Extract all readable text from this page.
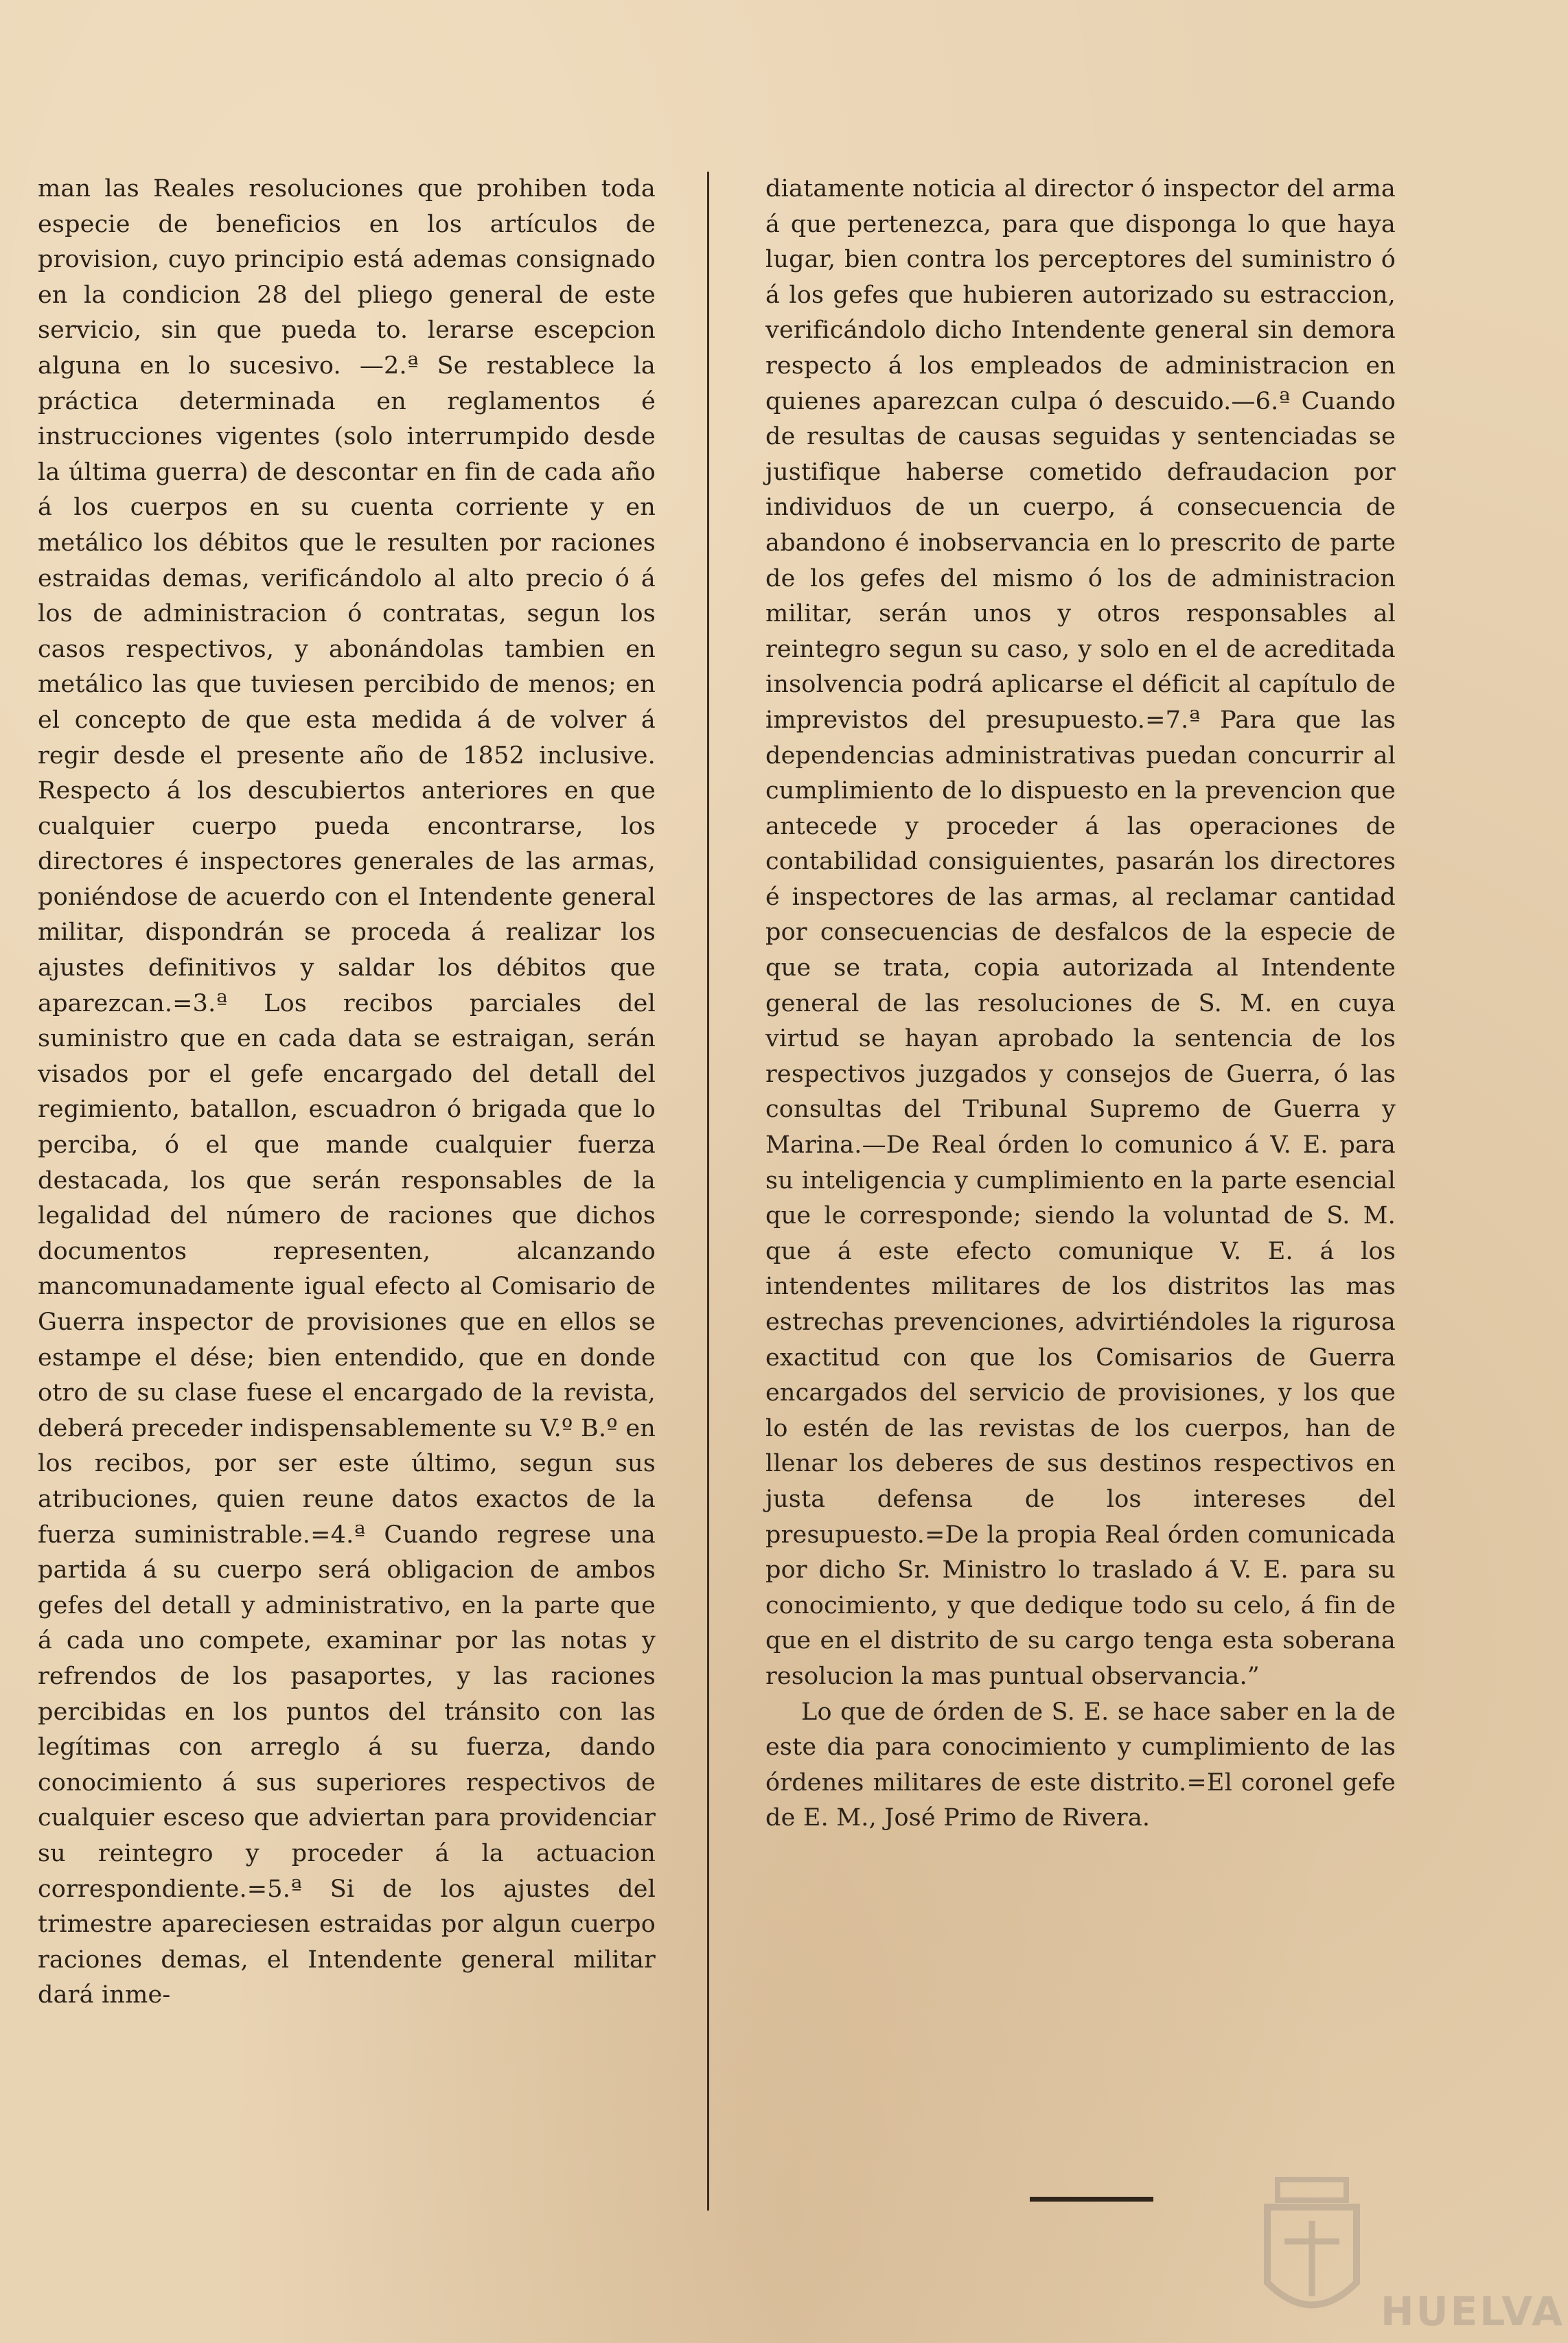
man las Reales resoluciones que prohiben toda especie de beneficios en los artículos de provision, cuyo principio está ademas consignado en la condicion 28 del pliego general de este servicio, sin que pueda to. lerarse escepcion alguna en lo sucesivo. —2.ª Se restablece la práctica determinada en reglamentos é instrucciones vigentes (solo interrumpido desde la última guerra) de descontar en fin de cada año á los cuerpos en su cuenta corriente y en metálico los débitos que le resulten por raciones estraidas demas, verificándolo al alto precio ó á los de administracion ó contratas, segun los casos respectivos, y abonándolas tambien en metálico las que tuviesen percibido de menos; en el concepto de que esta medida á de volver á regir desde el presente año de 1852 inclusive. Respecto á los descubiertos anteriores en que cualquier cuerpo pueda encontrarse, los directores é inspectores generales de las armas, poniéndose de acuerdo con el Intendente general militar, dispondrán se proceda á realizar los ajustes definitivos y saldar los débitos que aparezcan.=3.ª Los recibos parciales del suministro que en cada data se estraigan, serán visados por el gefe encargado del detall del regimiento, batallon, escuadron ó brigada que lo perciba, ó el que mande cualquier fuerza destacada, los que serán responsables de la legalidad del número de raciones que dichos documentos representen, alcanzando mancomunadamente igual efecto al Comisario de Guerra inspector de provisiones que en ellos se estampe el dése; bien entendido, que en donde otro de su clase fuese el encargado de la revista, deberá preceder indispensablemente su V.º B.º en los recibos, por ser este último, segun sus atribuciones, quien reune datos exactos de la fuerza suministrable.=4.ª Cuando regrese una partida á su cuerpo será obligacion de ambos gefes del detall y administrativo, en la parte que á cada uno compete, examinar por las notas y refrendos de los pasaportes, y las raciones percibidas en los puntos del tránsito con las legítimas con arreglo á su fuerza, dando conocimiento á sus superiores respectivos de cualquier esceso que adviertan para providenciar su reintegro y proceder á la actuacion correspondiente.=5.ª Si de los ajustes del trimestre apareciesen estraidas por algun cuerpo raciones demas, el Intendente general militar dará inme-

diatamente noticia al director ó inspector del arma á que pertenezca, para que disponga lo que haya lugar, bien contra los perceptores del suministro ó á los gefes que hubieren autorizado su estraccion, verificándolo dicho Intendente general sin demora respecto á los empleados de administracion en quienes aparezcan culpa ó descuido.—6.ª Cuando de resultas de causas seguidas y sentenciadas se justifique haberse cometido defraudacion por individuos de un cuerpo, á consecuencia de abandono é inobservancia en lo prescrito de parte de los gefes del mismo ó los de administracion militar, serán unos y otros responsables al reintegro segun su caso, y solo en el de acreditada insolvencia podrá aplicarse el déficit al capítulo de imprevistos del presupuesto.=7.ª Para que las dependencias administrativas puedan concurrir al cumplimiento de lo dispuesto en la prevencion que antecede y proceder á las operaciones de contabilidad consiguientes, pasarán los directores é inspectores de las armas, al reclamar cantidad por consecuencias de desfalcos de la especie de que se trata, copia autorizada al Intendente general de las resoluciones de S. M. en cuya virtud se hayan aprobado la sentencia de los respectivos juzgados y consejos de Guerra, ó las consultas del Tribunal Supremo de Guerra y Marina.—De Real órden lo comunico á V. E. para su inteligencia y cumplimiento en la parte esencial que le corresponde; siendo la voluntad de S. M. que á este efecto comunique V. E. á los intendentes militares de los distritos las mas estrechas prevenciones, advirtiéndoles la rigurosa exactitud con que los Comisarios de Guerra encargados del servicio de provisiones, y los que lo estén de las revistas de los cuerpos, han de llenar los deberes de sus destinos respectivos en justa defensa de los intereses del presupuesto.=De la propia Real órden comunicada por dicho Sr. Ministro lo traslado á V. E. para su conocimiento, y que dedique todo su celo, á fin de que en el distrito de su cargo tenga esta soberana resolucion la mas puntual observancia.”

Lo que de órden de S. E. se hace saber en la de este dia para conocimiento y cumplimiento de las órdenes militares de este distrito.=El coronel gefe de E. M., José Primo de Rivera.

HUELVA
